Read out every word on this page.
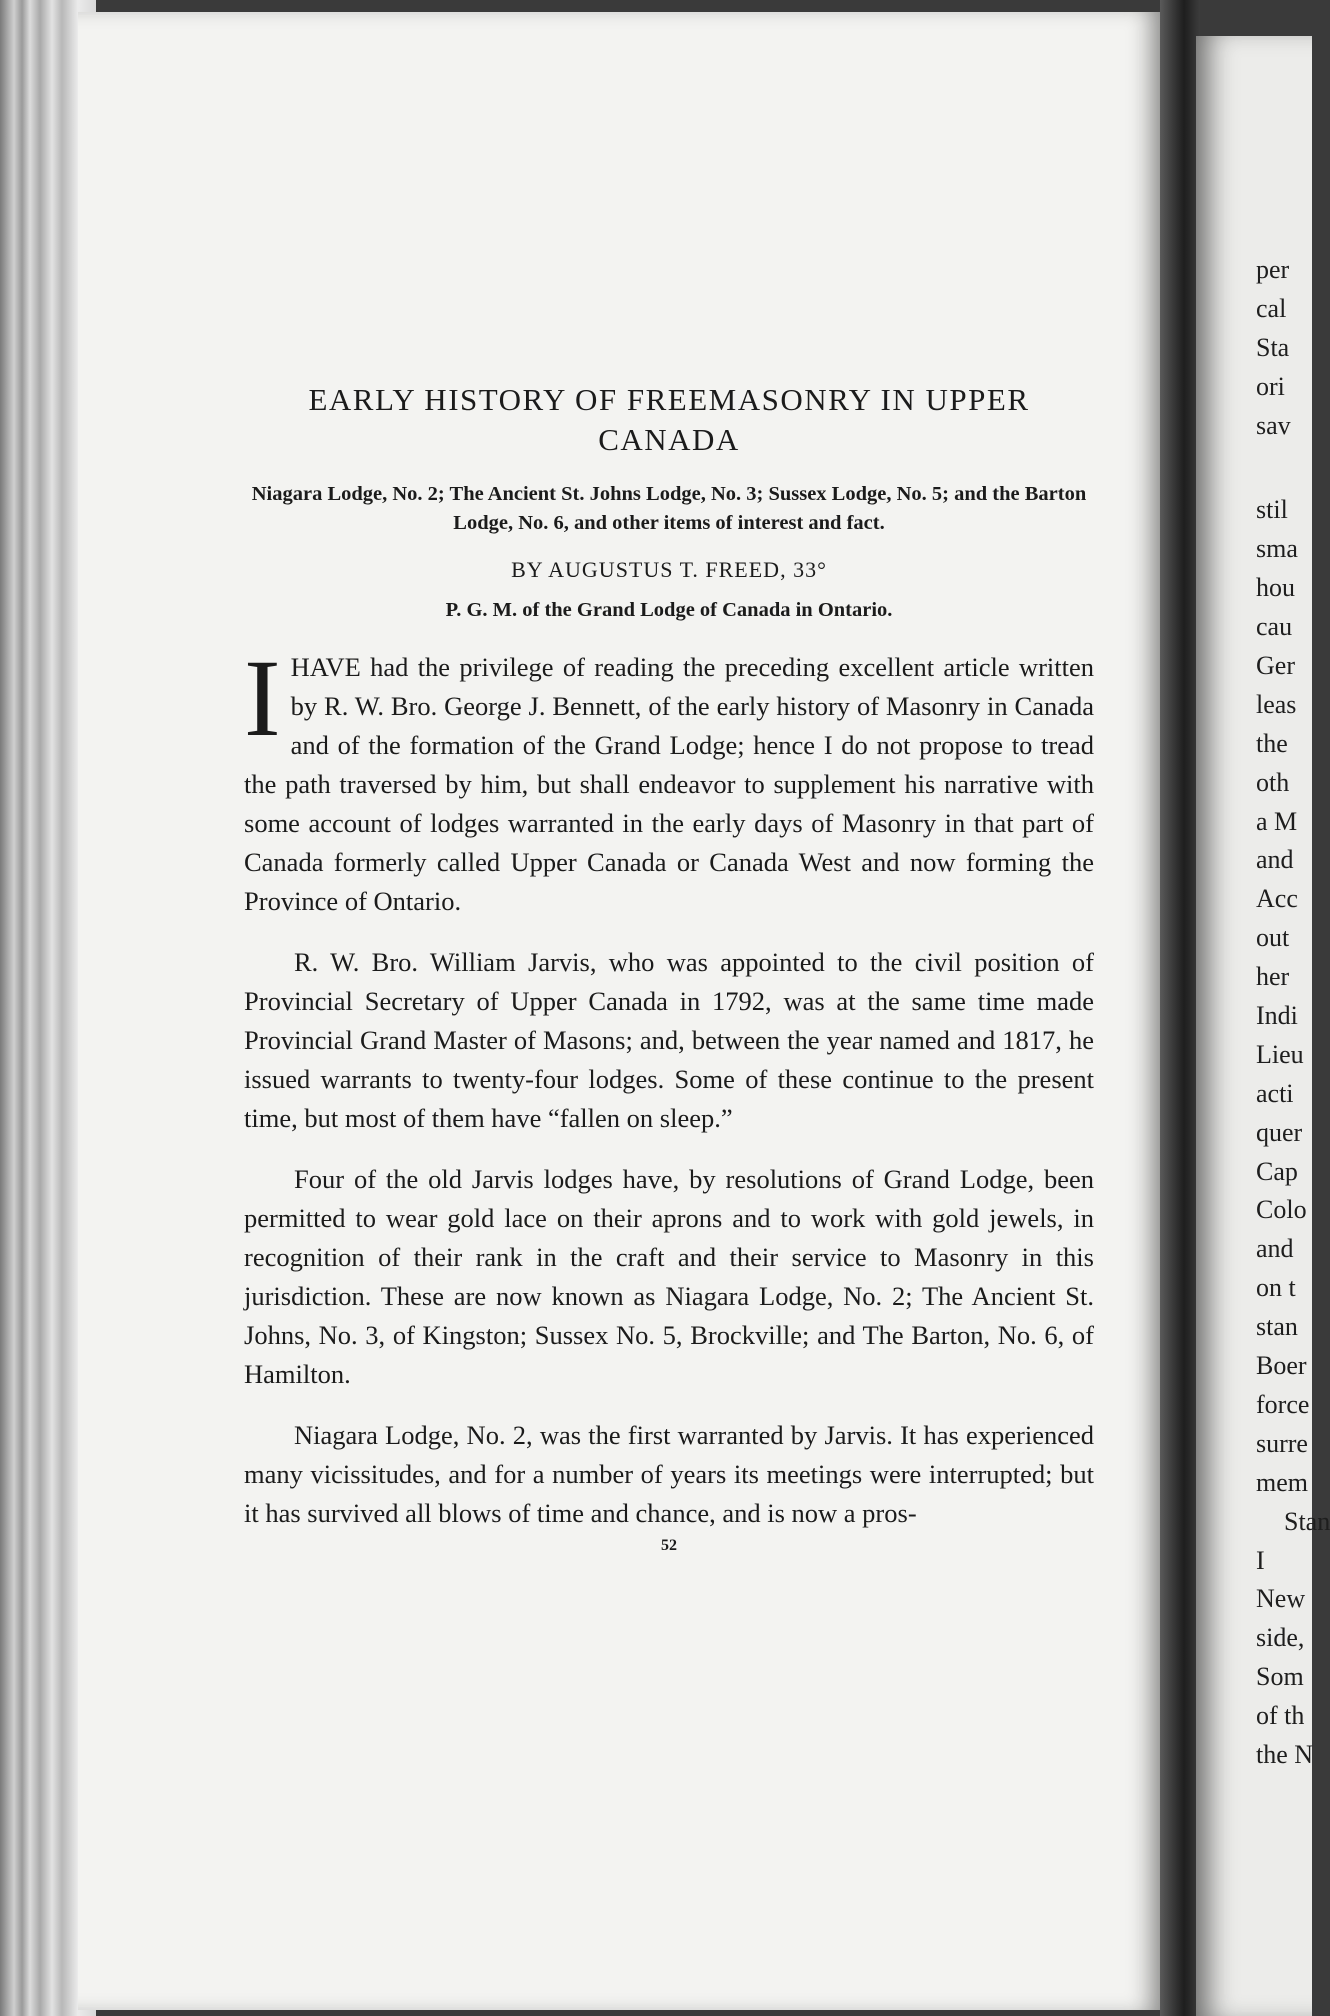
EARLY HISTORY OF FREEMASONRY IN UPPER CANADA
Niagara Lodge, No. 2; The Ancient St. Johns Lodge, No. 3; Sussex Lodge, No. 5; and the Barton Lodge, No. 6, and other items of interest and fact.
BY AUGUSTUS T. FREED, 33°
P. G. M. of the Grand Lodge of Canada in Ontario.

I HAVE had the privilege of reading the preceding excellent article written by R. W. Bro. George J. Bennett, of the early history of Masonry in Canada and of the formation of the Grand Lodge; hence I do not propose to tread the path traversed by him, but shall endeavor to supplement his narrative with some account of lodges warranted in the early days of Masonry in that part of Canada formerly called Upper Canada or Canada West and now forming the Province of Ontario.

R. W. Bro. William Jarvis, who was appointed to the civil position of Provincial Secretary of Upper Canada in 1792, was at the same time made Provincial Grand Master of Masons; and, between the year named and 1817, he issued warrants to twenty-four lodges. Some of these continue to the present time, but most of them have “fallen on sleep.”

Four of the old Jarvis lodges have, by resolutions of Grand Lodge, been permitted to wear gold lace on their aprons and to work with gold jewels, in recognition of their rank in the craft and their service to Masonry in this jurisdiction. These are now known as Niagara Lodge, No. 2; The Ancient St. Johns, No. 3, of Kingston; Sussex No. 5, Brockville; and The Barton, No. 6, of Hamilton.

Niagara Lodge, No. 2, was the first warranted by Jarvis. It has experienced many vicissitudes, and for a number of years its meetings were interrupted; but it has survived all blows of time and chance, and is now a pros-

52
per
cal
Sta
ori
sav
stil
sma
hou
cau
Ger
leas
the
oth
a M
and
Acc
out
her
Indi
Lieu
acti
quer
Cap
Colo
and
on t
stan
Boer
force
surre
mem
Stan
I
New
side,
Som
of th
the N
